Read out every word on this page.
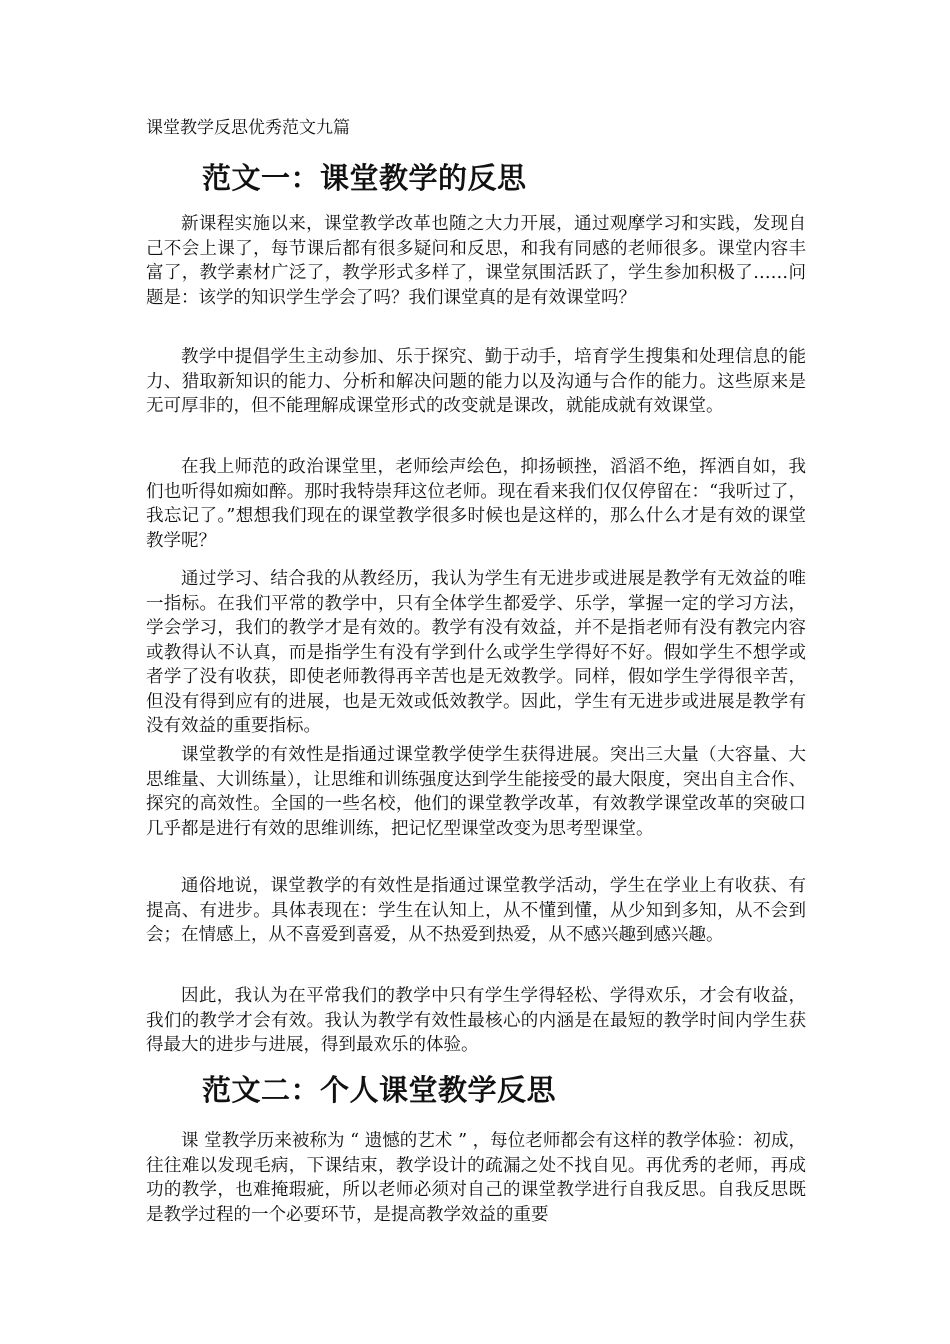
课堂教学反思优秀范文九篇
范文一：课堂教学的反思

新课程实施以来，课堂教学改革也随之大力开展，通过观摩学习和实践，发现自己不会上课了，每节课后都有很多疑问和反思，和我有同感的老师很多。课堂内容丰富了，教学素材广泛了，教学形式多样了，课堂氛围活跃了，学生参加积极了……问题是：该学的知识学生学会了吗？我们课堂真的是有效课堂吗？

教学中提倡学生主动参加、乐于探究、勤于动手，培育学生搜集和处理信息的能力、猎取新知识的能力、分析和解决问题的能力以及沟通与合作的能力。这些原来是无可厚非的，但不能理解成课堂形式的改变就是课改，就能成就有效课堂。

在我上师范的政治课堂里，老师绘声绘色，抑扬顿挫，滔滔不绝，挥洒自如，我们也听得如痴如醉。那时我特崇拜这位老师。现在看来我们仅仅停留在：“我听过了，我忘记了。”想想我们现在的课堂教学很多时候也是这样的，那么什么才是有效的课堂教学呢？

通过学习、结合我的从教经历，我认为学生有无进步或进展是教学有无效益的唯一指标。在我们平常的教学中，只有全体学生都爱学、乐学，掌握一定的学习方法，学会学习，我们的教学才是有效的。教学有没有效益，并不是指老师有没有教完内容或教得认不认真，而是指学生有没有学到什么或学生学得好不好。假如学生不想学或者学了没有收获，即使老师教得再辛苦也是无效教学。同样，假如学生学得很辛苦，但没有得到应有的进展，也是无效或低效教学。因此，学生有无进步或进展是教学有没有效益的重要指标。

课堂教学的有效性是指通过课堂教学使学生获得进展。突出三大量（大容量、大思维量、大训练量），让思维和训练强度达到学生能接受的最大限度，突出自主合作、探究的高效性。全国的一些名校，他们的课堂教学改革，有效教学课堂改革的突破口几乎都是进行有效的思维训练，把记忆型课堂改变为思考型课堂。

通俗地说，课堂教学的有效性是指通过课堂教学活动，学生在学业上有收获、有提高、有进步。具体表现在：学生在认知上，从不懂到懂，从少知到多知，从不会到会；在情感上，从不喜爱到喜爱，从不热爱到热爱，从不感兴趣到感兴趣。

因此，我认为在平常我们的教学中只有学生学得轻松、学得欢乐，才会有收益，我们的教学才会有效。我认为教学有效性最核心的内涵是在最短的教学时间内学生获得最大的进步与进展，得到最欢乐的体验。

范文二：个人课堂教学反思

课 堂教学历来被称为 “ 遗憾的艺术 ” ，每位老师都会有这样的教学体验：初成，往往难以发现毛病，下课结束，教学设计的疏漏之处不找自见。再优秀的老师，再成功的教学，也难掩瑕疵，所以老师必须对自己的课堂教学进行自我反思。自我反思既是教学过程的一个必要环节，是提高教学效益的重要
